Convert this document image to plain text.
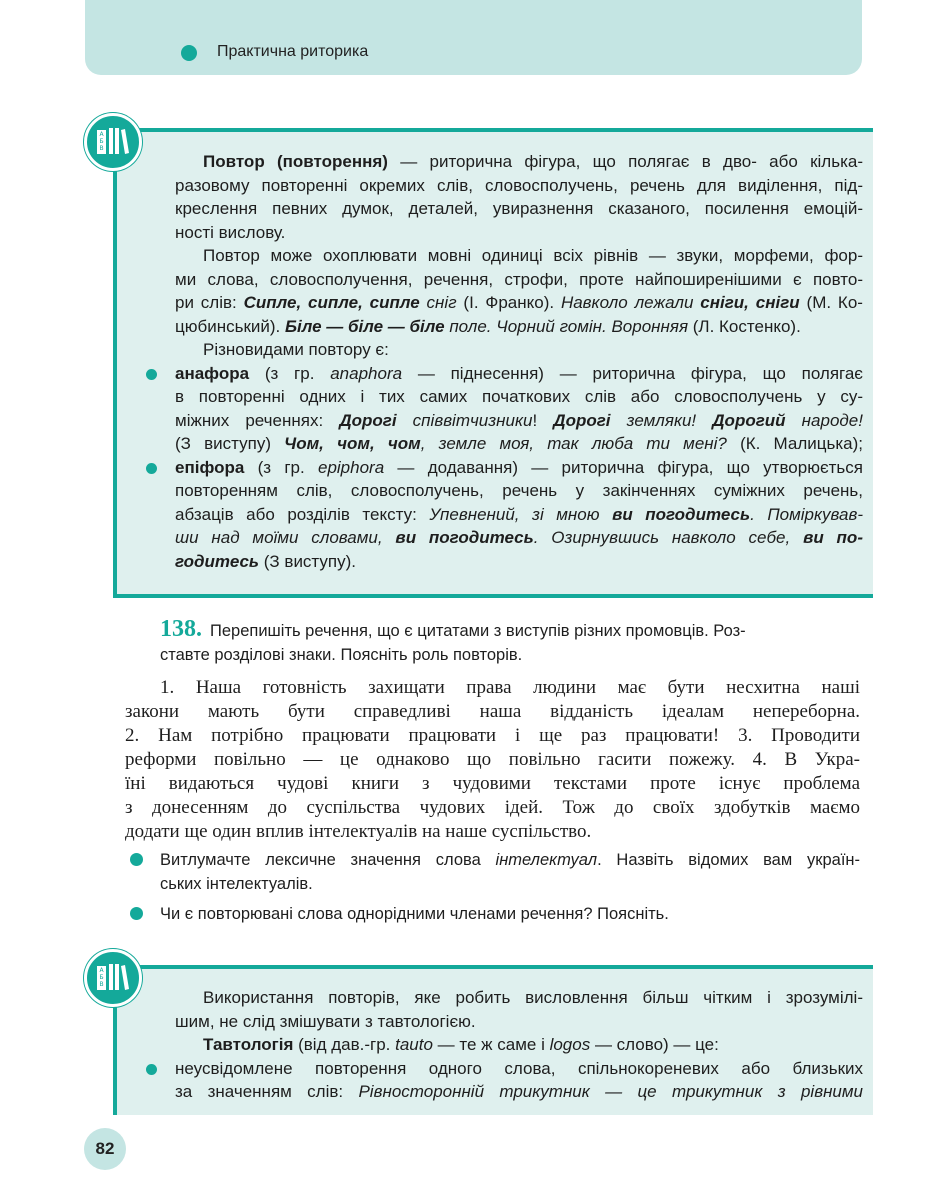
Практична риторика
Повтор (повторення) — риторична фігура, що полягає в дво- або кілька-
разовому повторенні окремих слів, словосполучень, речень для виділення, під-
креслення певних думок, деталей, увиразнення сказаного, посилення емоцій-
ності вислову.
Повтор може охоплювати мовні одиниці всіх рівнів — звуки, морфеми, фор-
ми слова, словосполучення, речення, строфи, проте найпоширенішими є повто-
ри слів: Сипле, сипле, сипле сніг (І. Франко). Навколо лежали сніги, сніги (М. Ко-
цюбинський). Біле — біле — біле поле. Чорний гомін. Воронняя (Л. Костенко).
Різновидами повтору є:
анафора (з гр. anaphora — піднесення) — риторична фігура, що полягає
в повторенні одних і тих самих початкових слів або словосполучень у су-
міжних реченнях: Дорогі співвітчизники! Дорогі земляки! Дорогий народе!
(З виступу) Чом, чом, чом, земле моя, так люба ти мені? (К. Малицька);
епіфора (з гр. epiphora — додавання) — риторична фігура, що утворюється
повторенням слів, словосполучень, речень у закінченнях суміжних речень,
абзаців або розділів тексту: Упевнений, зі мною ви погодитесь. Поміркував-
ши над моїми словами, ви погодитесь. Озирнувшись навколо себе, ви по-
годитесь (З виступу).
А
Б
В
138. Перепишіть речення, що є цитатами з виступів різних промовців. Роз-
ставте розділові знаки. Поясніть роль повторів.
1. Наша готовність захищати права людини має бути несхитна наші
закони мають бути справедливі наша відданість ідеалам непереборна.
2. Нам потрібно працювати працювати і ще раз працювати! 3. Проводити
реформи повільно — це однаково що повільно гасити пожежу. 4. В Укра-
їні видаються чудові книги з чудовими текстами проте існує проблема
з донесенням до суспільства чудових ідей. Тож до своїх здобутків маємо
додати ще один вплив інтелектуалів на наше суспільство.
Витлумачте лексичне значення слова інтелектуал. Назвіть відомих вам україн-
ських інтелектуалів.
Чи є повторювані слова однорідними членами речення? Поясніть.
Використання повторів, яке робить висловлення більш чітким і зрозумілі-
шим, не слід змішувати з тавтологією.
Тавтологія (від дав.-гр. tauto — те ж саме і logos — слово) — це:
неусвідомлене повторення одного слова, спільнокореневих або близьких
за значенням слів: Рівносторонній трикутник — це трикутник з рівними
А
Б
В
82
